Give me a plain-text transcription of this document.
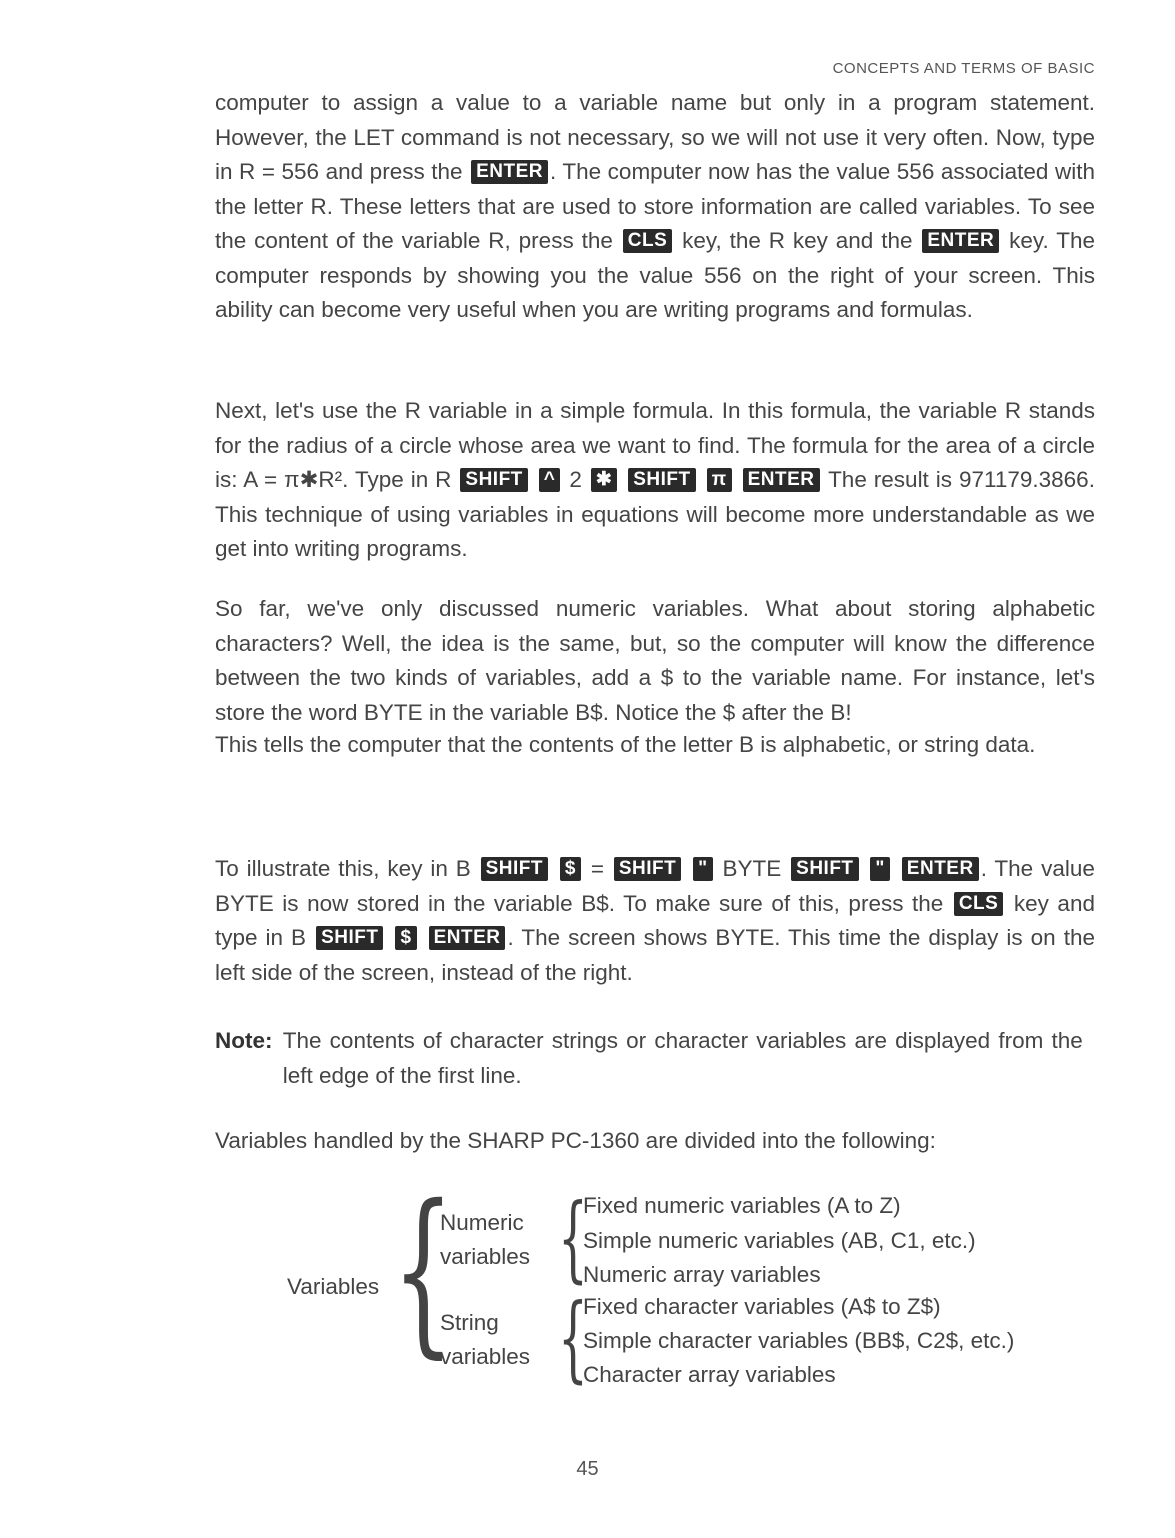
CONCEPTS AND TERMS OF BASIC
computer to assign a value to a variable name but only in a program statement. However, the LET command is not necessary, so we will not use it very often. Now, type in R = 556 and press the ENTER . The computer now has the value 556 associated with the letter R. These letters that are used to store information are called variables. To see the content of the variable R, press the CLS key, the R key and the ENTER key. The computer responds by showing you the value 556 on the right of your screen. This ability can become very useful when you are writing programs and formulas.
Next, let's use the R variable in a simple formula. In this formula, the variable R stands for the radius of a circle whose area we want to find. The formula for the area of a circle is: A = π✱R². Type in R SHIFT ^ 2 ✱ SHIFT π ENTER The result is 971179.3866. This technique of using variables in equations will become more understandable as we get into writing programs.
So far, we've only discussed numeric variables. What about storing alphabetic characters? Well, the idea is the same, but, so the computer will know the difference between the two kinds of variables, add a $ to the variable name. For instance, let's store the word BYTE in the variable B$. Notice the $ after the B!
This tells the computer that the contents of the letter B is alphabetic, or string data.
To illustrate this, key in B SHIFT $ = SHIFT " BYTE SHIFT " ENTER . The value BYTE is now stored in the variable B$. To make sure of this, press the CLS key and type in B SHIFT $ ENTER . The screen shows BYTE. This time the display is on the left side of the screen, instead of the right.
Note: The contents of character strings or character variables are displayed from the left edge of the first line.
Variables handled by the SHARP PC-1360 are divided into the following:
Variables {
Numeric
variables {
Fixed numeric variables (A to Z)
Simple numeric variables (AB, C1, etc.)
Numeric array variables
String
variables {
Fixed character variables (A$ to Z$)
Simple character variables (BB$, C2$, etc.)
Character array variables
45
